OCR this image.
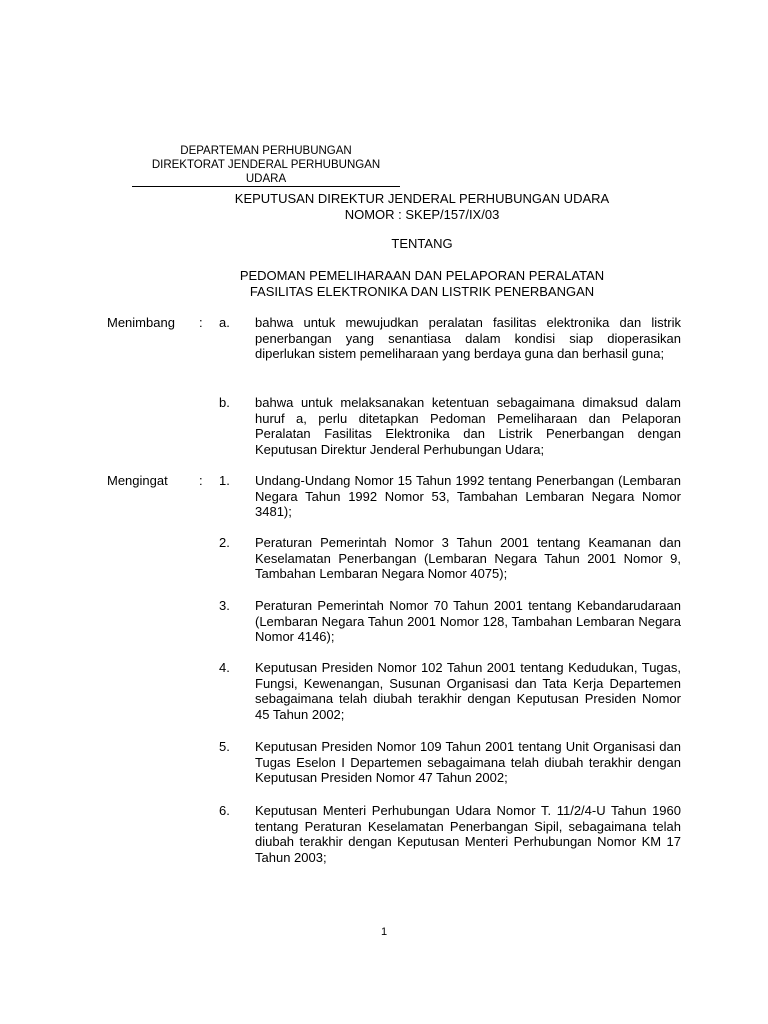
DEPARTEMAN PERHUBUNGAN
DIREKTORAT JENDERAL PERHUBUNGAN UDARA
KEPUTUSAN DIREKTUR JENDERAL PERHUBUNGAN UDARA
NOMOR : SKEP/157/IX/03
TENTANG
PEDOMAN PEMELIHARAAN DAN PELAPORAN PERALATAN
FASILITAS ELEKTRONIKA DAN LISTRIK PENERBANGAN
Menimbang	:	a.	bahwa untuk mewujudkan peralatan fasilitas elektronika dan listrik penerbangan yang senantiasa dalam kondisi siap dioperasikan diperlukan sistem pemeliharaan yang berdaya guna dan berhasil guna;
b.	bahwa untuk melaksanakan ketentuan sebagaimana dimaksud dalam huruf a, perlu ditetapkan Pedoman Pemeliharaan dan Pelaporan Peralatan Fasilitas Elektronika dan Listrik Penerbangan dengan Keputusan Direktur Jenderal Perhubungan Udara;
Mengingat	:	1.	Undang-Undang Nomor 15 Tahun 1992 tentang Penerbangan (Lembaran Negara Tahun 1992 Nomor 53, Tambahan Lembaran Negara Nomor 3481);
2.	Peraturan Pemerintah Nomor 3 Tahun 2001 tentang Keamanan dan Keselamatan Penerbangan (Lembaran Negara Tahun 2001 Nomor 9, Tambahan Lembaran Negara Nomor 4075);
3.	Peraturan Pemerintah Nomor 70 Tahun 2001 tentang Kebandarudaraan (Lembaran Negara Tahun 2001 Nomor 128, Tambahan Lembaran Negara Nomor 4146);
4.	Keputusan Presiden Nomor 102 Tahun 2001 tentang Kedudukan, Tugas, Fungsi, Kewenangan, Susunan Organisasi dan Tata Kerja Departemen sebagaimana telah diubah terakhir dengan Keputusan Presiden Nomor 45 Tahun 2002;
5.	Keputusan Presiden Nomor 109 Tahun 2001 tentang Unit Organisasi dan Tugas Eselon I Departemen sebagaimana telah diubah terakhir dengan Keputusan Presiden Nomor 47 Tahun 2002;
6.	Keputusan Menteri Perhubungan Udara Nomor T. 11/2/4-U Tahun 1960 tentang Peraturan Keselamatan Penerbangan Sipil, sebagaimana telah diubah terakhir dengan Keputusan Menteri Perhubungan Nomor KM 17 Tahun 2003;
1
